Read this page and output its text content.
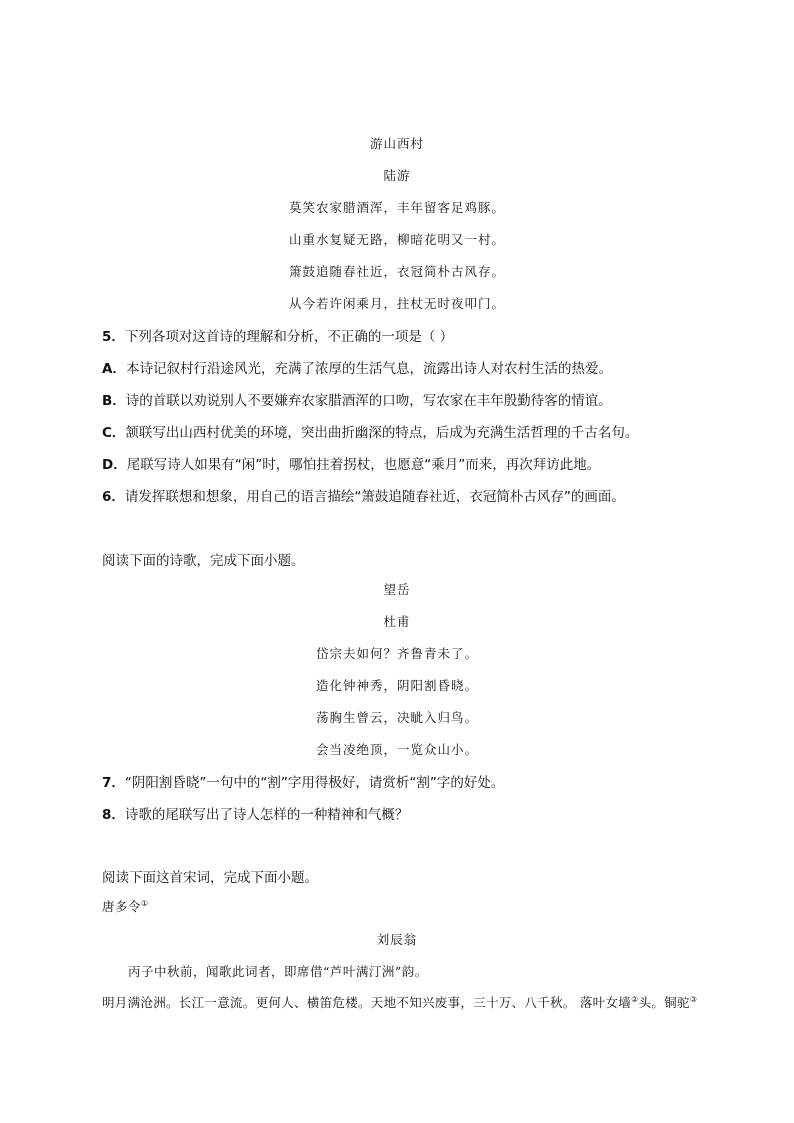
游山西村
陆游
莫笑农家腊酒浑，丰年留客足鸡豚。
山重水复疑无路，柳暗花明又一村。
箫鼓追随春社近，衣冠简朴古风存。
从今若许闲乘月，拄杖无时夜叩门。
5．下列各项对这首诗的理解和分析，不正确的一项是（ ）
A．本诗记叙村行沿途风光，充满了浓厚的生活气息，流露出诗人对农村生活的热爱。
B．诗的首联以劝说别人不要嫌弃农家腊酒浑的口吻，写农家在丰年殷勤待客的情谊。
C．颔联写出山西村优美的环境，突出曲折幽深的特点，后成为充满生活哲理的千古名句。
D．尾联写诗人如果有“闲”时，哪怕拄着拐杖，也愿意“乘月”而来，再次拜访此地。
6．请发挥联想和想象，用自己的语言描绘“箫鼓追随春社近，衣冠简朴古风存”的画面。
阅读下面的诗歌，完成下面小题。
望岳
杜甫
岱宗夫如何？齐鲁青未了。
造化钟神秀，阴阳割昏晓。
荡胸生曾云，决眦入归鸟。
会当凌绝顶，一览众山小。
7．“阴阳割昏晓”一句中的“割”字用得极好，请赏析“割”字的好处。
8．诗歌的尾联写出了诗人怎样的一种精神和气概？
阅读下面这首宋词，完成下面小题。
唐多令①
刘辰翁
丙子中秋前，闻歌此词者，即席借“芦叶满汀洲”韵。
明月满沧洲。长江一意流。更何人、横笛危楼。天地不知兴废事，三十万、八千秋。 落叶女墙②头。铜驼③
